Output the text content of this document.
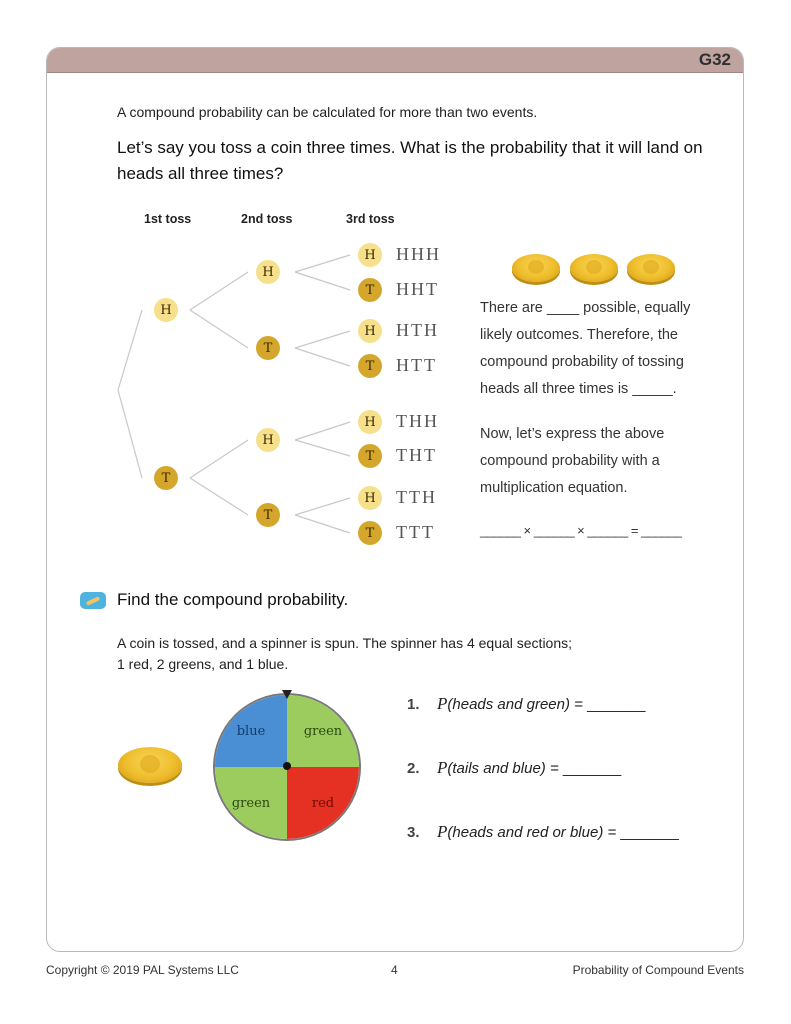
G32
A compound probability can be calculated for more than two events.
Let’s say you toss a coin three times. What is the probability that it will land on heads all three times?
1st toss	2nd toss	3rd toss
H
T
H
T
H
T
H
T
H
T
H
T
H
T
HHH
HHT
HTH
HTT
THH
THT
TTH
TTT
There are ____ possible, equally likely outcomes. Therefore, the compound probability of tossing heads all three times is _____.
Now, let’s express the above compound probability with a multiplication equation.
______ × ______ × ______ = ______
Find the compound probability.
A coin is tossed, and a spinner is spun. The spinner has 4 equal sections;
1 red, 2 greens, and 1 blue.
blue	green
green	red
1. P(heads and green) = _______
2. P(tails and blue) = _______
3. P(heads and red or blue) = _______
Copyright © 2019 PAL Systems LLC	4	Probability of Compound Events
